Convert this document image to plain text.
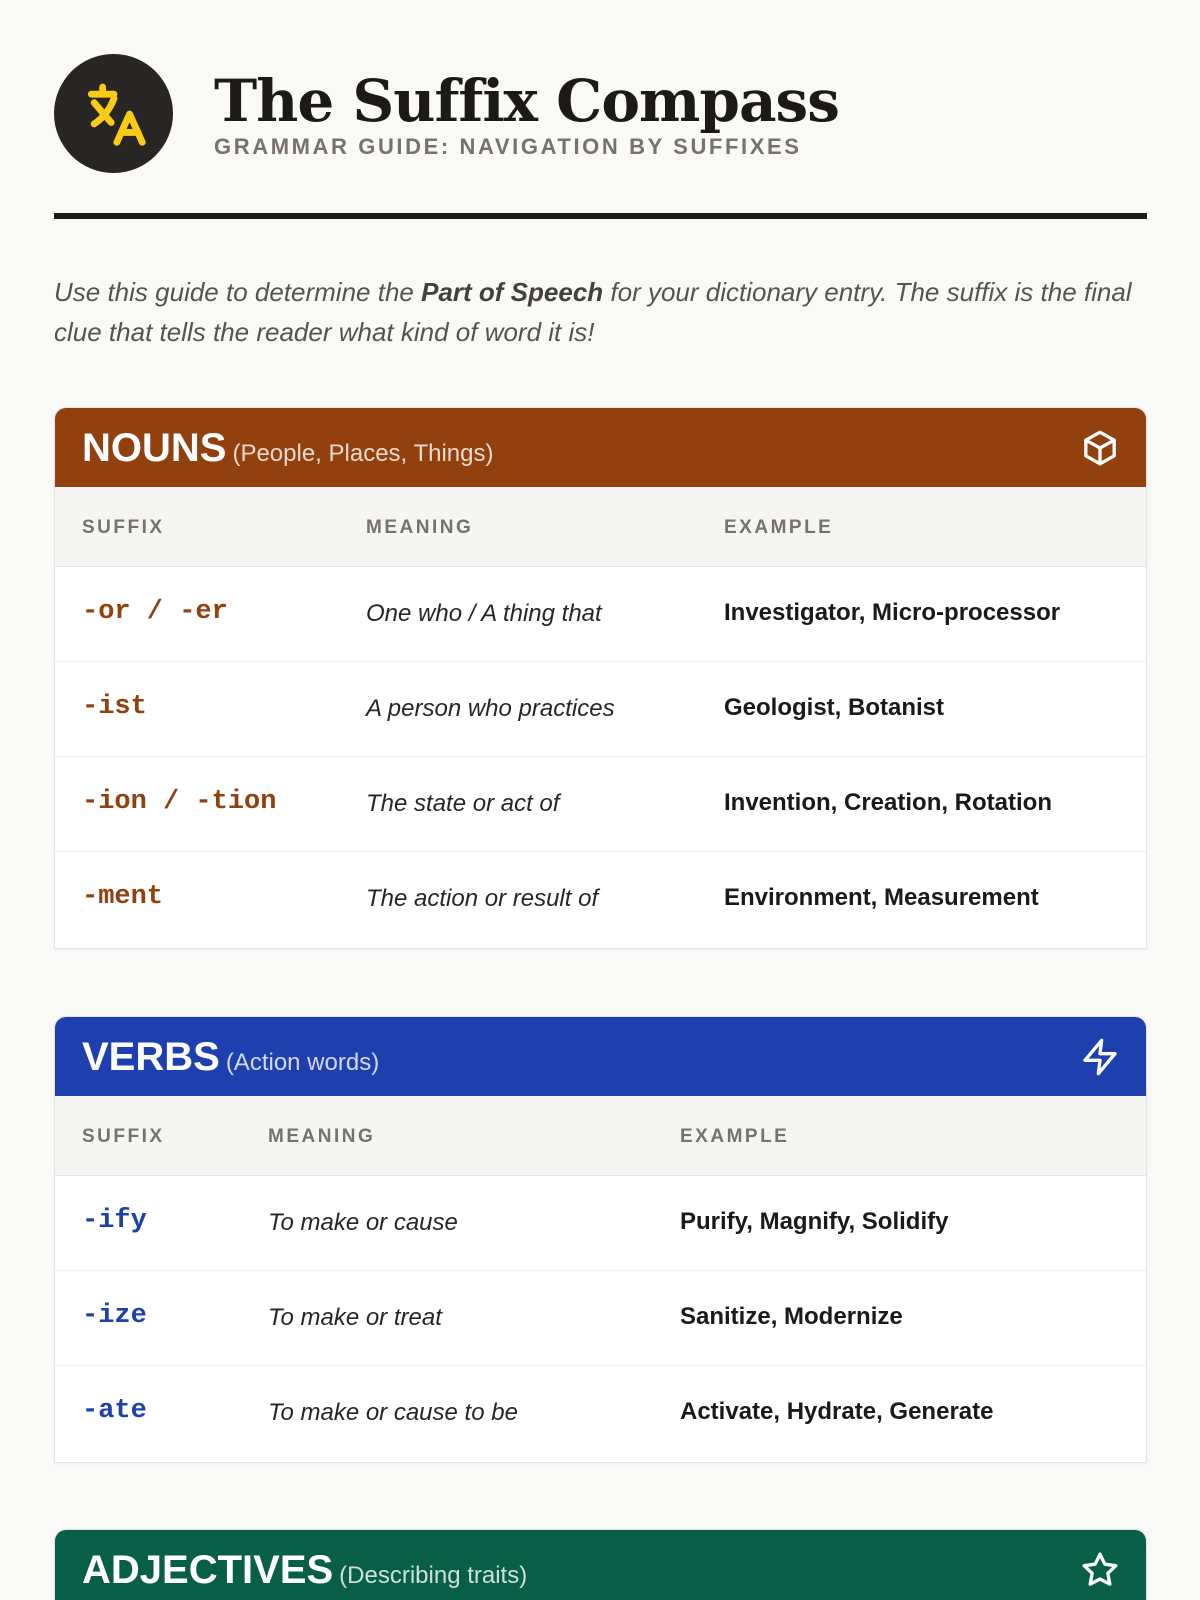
The Suffix Compass
GRAMMAR GUIDE: NAVIGATION BY SUFFIXES

Use this guide to determine the Part of Speech for your dictionary entry. The suffix is the final clue that tells the reader what kind of word it is!

NOUNS (People, Places, Things)
SUFFIX	MEANING	EXAMPLE
-or / -er	One who / A thing that	Investigator, Micro-processor
-ist	A person who practices	Geologist, Botanist
-ion / -tion	The state or act of	Invention, Creation, Rotation
-ment	The action or result of	Environment, Measurement
VERBS (Action words)
SUFFIX	MEANING	EXAMPLE
-ify	To make or cause	Purify, Magnify, Solidify
-ize	To make or treat	Sanitize, Modernize
-ate	To make or cause to be	Activate, Hydrate, Generate
ADJECTIVES (Describing traits)
